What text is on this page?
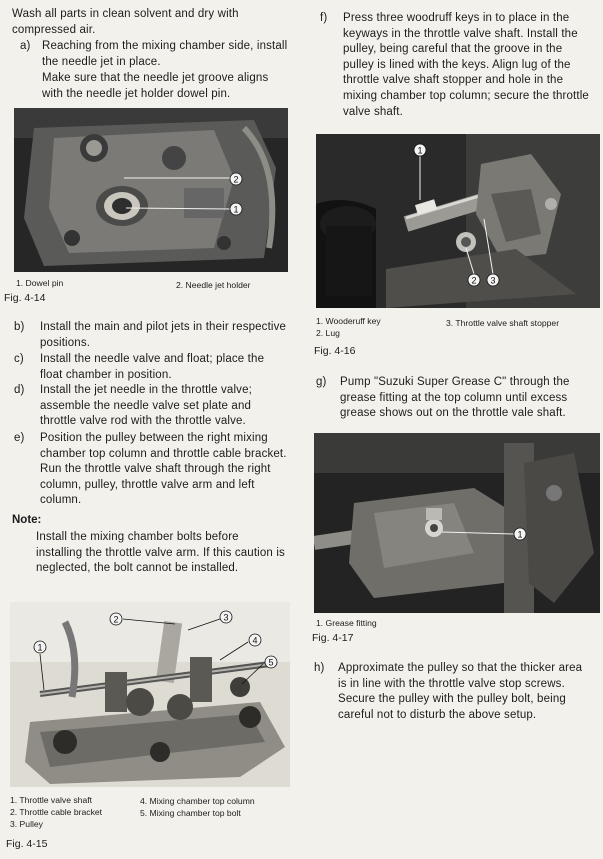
Wash all parts in clean solvent and dry with compressed air.

a) Reaching from the mixing chamber side, install the needle jet in place.

Make sure that the needle jet groove aligns with the needle jet holder dowel pin.

2
1
1. Dowel pin	2. Needle jet holder
Fig. 4-14
b) Install the main and pilot jets in their respective positions.

c) Install the needle valve and float; place the float chamber in position.

d) Install the jet needle in the throttle valve; assemble the needle valve set plate and throttle valve rod with the throttle valve.

e) Position the pulley between the right mixing chamber top column and throttle cable bracket. Run the throttle valve shaft through the right column, pulley, throttle valve arm and left column.

Note:

Install the mixing chamber bolts before installing the throttle valve arm. If this caution is neglected, the bolt cannot be installed.

1
2	3
4
5
1. Throttle valve shaft
2. Throttle cable bracket
3. Pulley
4. Mixing chamber top column
5. Mixing chamber top bolt
Fig. 4-15
f) Press three woodruff keys in to place in the keyways in the throttle valve shaft. Install the pulley, being careful that the groove in the pulley is lined with the keys. Align lug of the throttle valve shaft stopper and hole in the mixing chamber top column; secure the throttle valve shaft.

1
2 3
1. Wooderuff key
2. Lug
3. Throttle valve shaft stopper
Fig. 4-16
g) Pump "Suzuki Super Grease C" through the grease fitting at the top column until excess grease shows out on the throttle vale shaft.

1
1. Grease fitting
Fig. 4-17
h) Approximate the pulley so that the thicker area is in line with the throttle valve stop screws. Secure the pulley with the pulley bolt, being careful not to disturb the above setup.
